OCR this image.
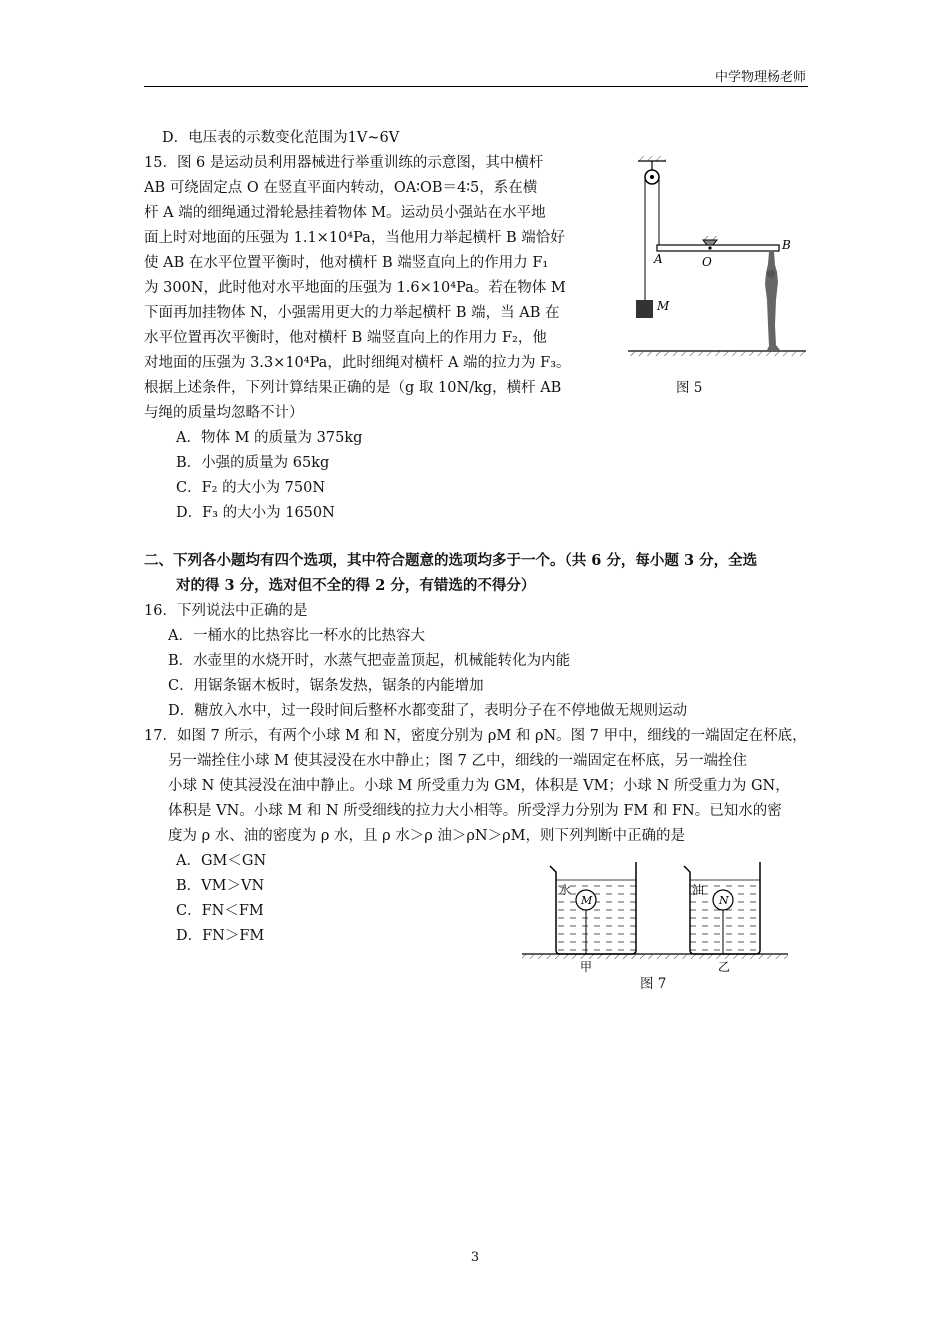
中学物理杨老师
D．电压表的示数变化范围为1V~6V
15．图 6 是运动员利用器械进行举重训练的示意图，其中横杆
AB 可绕固定点 O 在竖直平面内转动，OA∶OB＝4∶5，系在横
杆 A 端的细绳通过滑轮悬挂着物体 M。运动员小强站在水平地
面上时对地面的压强为 1.1×10⁴Pa，当他用力举起横杆 B 端恰好
使 AB 在水平位置平衡时，他对横杆 B 端竖直向上的作用力 F₁
为 300N，此时他对水平地面的压强为 1.6×10⁴Pa。若在物体 M
下面再加挂物体 N，小强需用更大的力举起横杆 B 端，当 AB 在
水平位置再次平衡时，他对横杆 B 端竖直向上的作用力 F₂，他
对地面的压强为 3.3×10⁴Pa，此时细绳对横杆 A 端的拉力为 F₃。
根据上述条件，下列计算结果正确的是（g 取 10N/kg，横杆 AB
与绳的质量均忽略不计）
A．物体 M 的质量为 375kg
B．小强的质量为 65kg
C．F₂ 的大小为 750N
D．F₃ 的大小为 1650N
M
A	O
B
图 5
二、下列各小题均有四个选项，其中符合题意的选项均多于一个。（共 6 分，每小题 3 分，全选
对的得 3 分，选对但不全的得 2 分，有错选的不得分）
16．下列说法中正确的是
A．一桶水的比热容比一杯水的比热容大
B．水壶里的水烧开时，水蒸气把壶盖顶起，机械能转化为内能
C．用锯条锯木板时，锯条发热，锯条的内能增加
D．糖放入水中，过一段时间后整杯水都变甜了，表明分子在不停地做无规则运动
17．如图 7 所示，有两个小球 M 和 N，密度分别为 ρM 和 ρN。图 7 甲中，细线的一端固定在杯底，
另一端拴住小球 M 使其浸没在水中静止；图 7 乙中，细线的一端固定在杯底，另一端拴住
小球 N 使其浸没在油中静止。小球 M 所受重力为 GM，体积是 VM；小球 N 所受重力为 GN，
体积是 VN。小球 M 和 N 所受细线的拉力大小相等。所受浮力分别为 FM 和 FN。已知水的密
度为 ρ 水、油的密度为 ρ 水，且 ρ 水＞ρ 油＞ρN＞ρM，则下列判断中正确的是
A．GM＜GN
B．VM＞VN
C．FN＜FM
D．FN＞FM
M
水
甲
N
油
乙
图 7
3
